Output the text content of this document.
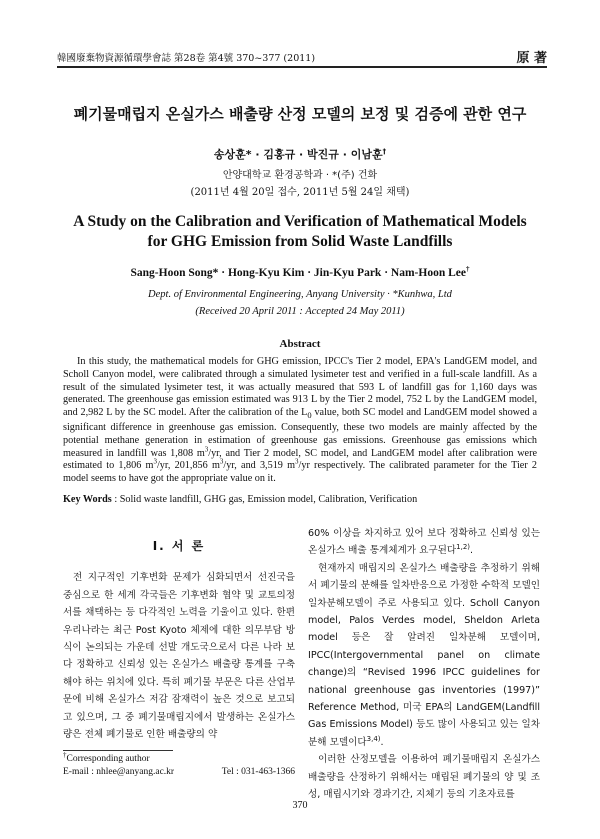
韓國廢棄物資源循環學會誌 第28卷 第4號 370~377 (2011)	原 著
폐기물매립지 온실가스 배출량 산정 모델의 보정 및 검증에 관한 연구
송상훈* · 김홍규 · 박진규 · 이남훈†
안양대학교 환경공학과 · *(주) 건화
(2011년 4월 20일 접수, 2011년 5월 24일 채택)
A Study on the Calibration and Verification of Mathematical Models
for GHG Emission from Solid Waste Landfills
Sang-Hoon Song* · Hong-Kyu Kim · Jin-Kyu Park · Nam-Hoon Lee†
Dept. of Environmental Engineering, Anyang University · *Kunhwa, Ltd
(Received 20 April 2011 : Accepted 24 May 2011)
Abstract

In this study, the mathematical models for GHG emission, IPCC's Tier 2 model, EPA's LandGEM model, and Scholl Canyon model, were calibrated through a simulated lysimeter test and verified in a full-scale landfill. As a result of the simulated lysimeter test, it was actually measured that 593 L of landfill gas for 1,160 days was generated. The greenhouse gas emission estimated was 913 L by the Tier 2 model, 752 L by the LandGEM model, and 2,982 L by the SC model. After the calibration of the $L_0$ value, both SC model and LandGEM model showed a significant difference in greenhouse gas emission. Consequently, these two models are mainly affected by the potential methane generation in estimation of greenhouse gas emissions. Greenhouse gas emissions which measured in landfill was 1,808 $m^3/yr$, and Tier 2 model, SC model, and LandGEM model after calibration were estimated to 1,806 $m^3/yr$, 201,856 $m^3/yr$, and 3,519 $m^3/yr$ respectively. The calibrated parameter for the Tier 2 model seems to have got the appropriate value on it.

Key Words : Solid waste landfill, GHG gas, Emission model, Calibration, Verification

I. 서 론

전 지구적인 기후변화 문제가 심화되면서 선진국을 중심으로 한 세계 각국들은 기후변화 협약 및 교토의정서를 채택하는 등 다각적인 노력을 기울이고 있다. 한편 우리나라는 최근 Post Kyoto 체제에 대한 의무부담 방식이 논의되는 가운데 선발 개도국으로서 다른 나라 보다 정확하고 신뢰성 있는 온실가스 배출량 통계를 구축해야 하는 위치에 있다. 특히 폐기물 부문은 다른 산업부문에 비해 온실가스 저감 잠재력이 높은 것으로 보고되고 있으며, 그 중 폐기물매립지에서 발생하는 온실가스량은 전체 폐기물로 인한 배출량의 약

60% 이상을 차지하고 있어 보다 정확하고 신뢰성 있는 온실가스 배출 통계체계가 요구된다$^{1,2)}$.

현재까지 매립지의 온실가스 배출량을 추정하기 위해서 폐기물의 분해를 일차반응으로 가정한 수학적 모델인 일차분해모델이 주로 사용되고 있다. Scholl Canyon model, Palos Verdes model, Sheldon Arleta model 등은 잘 알려진 일차분해 모델이며, IPCC(Intergovernmental panel on climate change)의 “Revised 1996 IPCC guidelines for national greenhouse gas inventories (1997)” Reference Method, 미국 EPA의 LandGEM(Landfill Gas Emissions Model) 등도 많이 사용되고 있는 일차분해 모델이다$^{3,4)}$.

이러한 산정모델을 이용하여 폐기물매립지 온실가스 배출량을 산정하기 위해서는 매립된 폐기물의 양 및 조성, 매립시기와 경과기간, 지체기 등의 기초자료를

†Corresponding author
E-mail : nhlee@anyang.ac.kr	Tel : 031-463-1366
370
